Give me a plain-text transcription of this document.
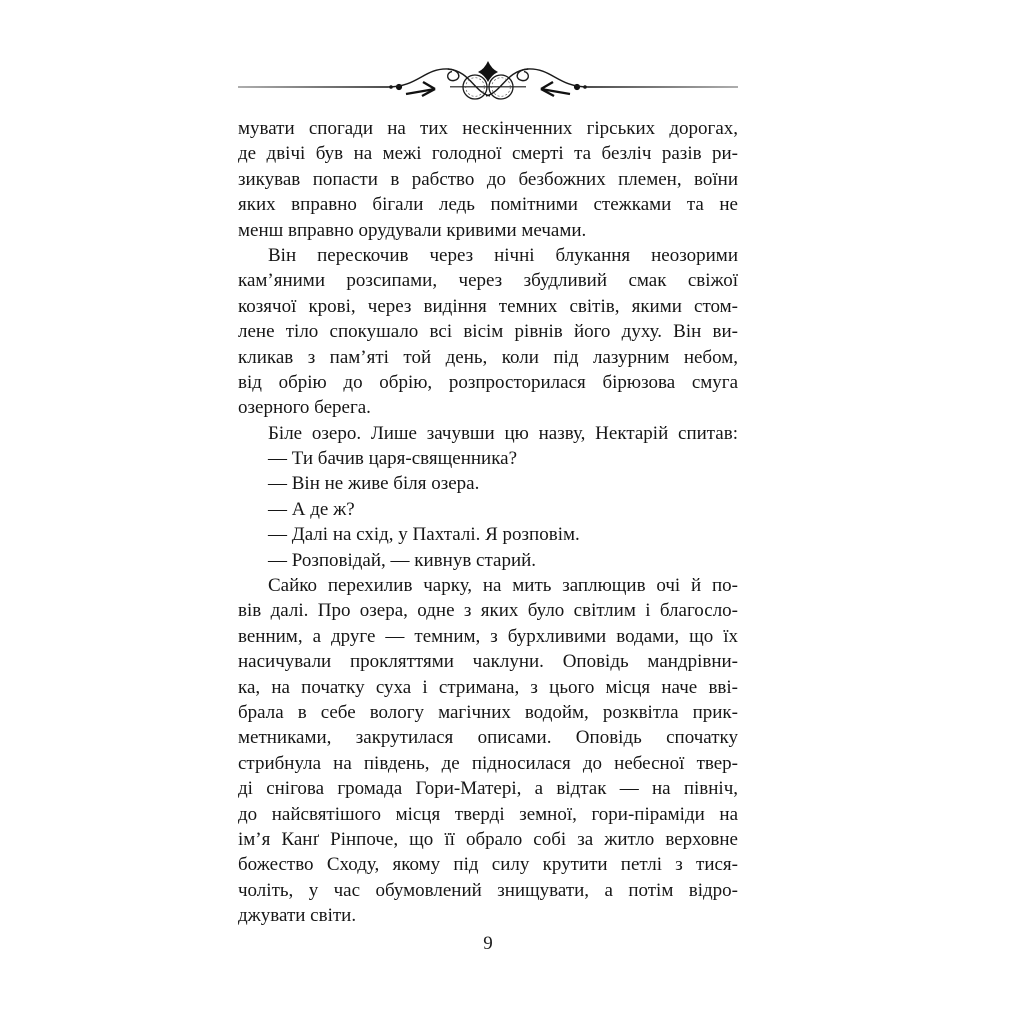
мувати спогади на тих нескінченних гірських дорогах,
де двічі був на межі голодної смерті та безліч разів ри-
зикував попасти в рабство до безбожних племен, воїни
яких вправно бігали ледь помітними стежками та не
менш вправно орудували кривими мечами.
Він перескочив через нічні блукання неозорими
кам’яними розсипами, через збудливий смак свіжої
козячої крові, через видіння темних світів, якими стом-
лене тіло спокушало всі вісім рівнів його духу. Він ви-
кликав з пам’яті той день, коли під лазурним небом,
від обрію до обрію, розпросторилася бірюзова смуга
озерного берега.
Біле озеро. Лише зачувши цю назву, Нектарій спитав:
— Ти бачив царя-священника?
— Він не живе біля озера.
— А де ж?
— Далі на схід, у Пахталі. Я розповім.
— Розповідай, — кивнув старий.
Сайко перехилив чарку, на мить заплющив очі й по-
вів далі. Про озера, одне з яких було світлим і благосло-
венним, а друге — темним, з бурхливими водами, що їх
насичували прокляттями чаклуни. Оповідь мандрівни-
ка, на початку суха і стримана, з цього місця наче вві-
брала в себе вологу магічних водойм, розквітла прик-
метниками, закрутилася описами. Оповідь спочатку
стрибнула на південь, де підносилася до небесної твер-
ді снігова громада Гори-Матері, а відтак — на північ,
до найсвятішого місця тверді земної, гори-піраміди на
ім’я Канґ Рінпоче, що її обрало собі за житло верховне
божество Сходу, якому під силу крутити петлі з тися-
чоліть, у час обумовлений знищувати, а потім відро-
джувати світи.
9
